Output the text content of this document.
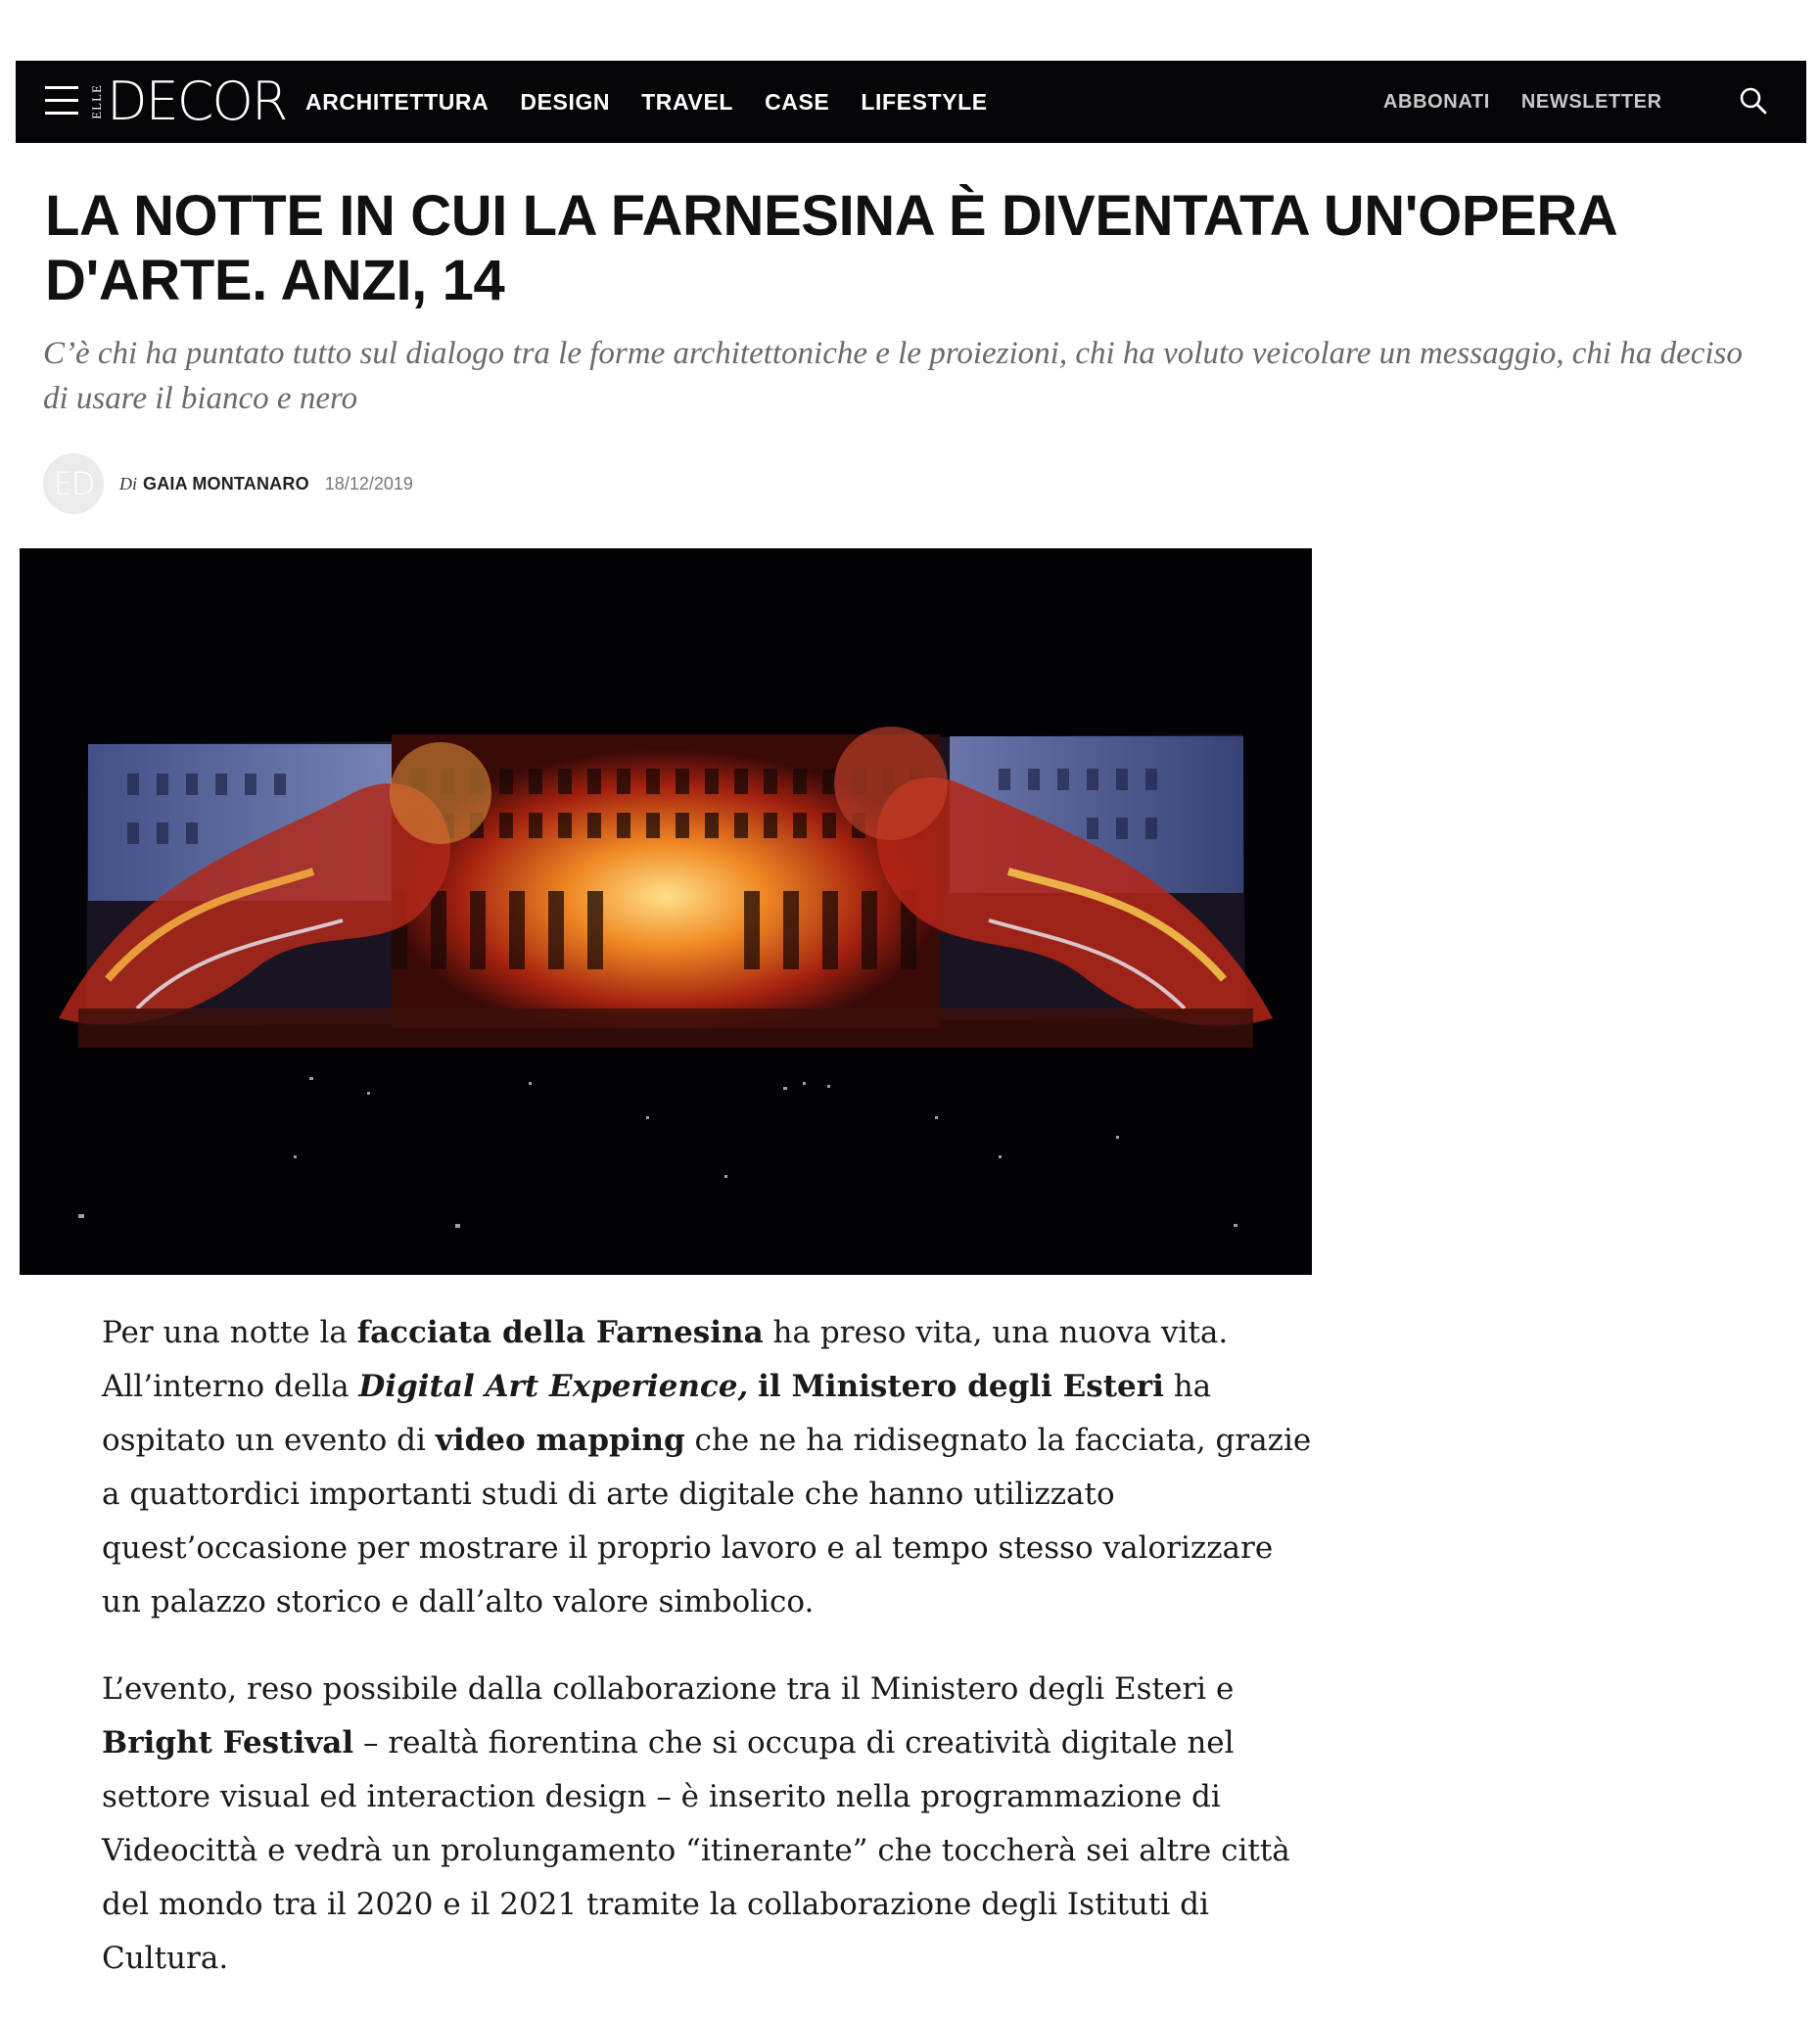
ELLE DECOR ARCHITETTURA DESIGN TRAVEL CASE LIFESTYLE	ABBONATI NEWSLETTER
LA NOTTE IN CUI LA FARNESINA È DIVENTATA UN'OPERA D'ARTE. ANZI, 14

C’è chi ha puntato tutto sul dialogo tra le forme architettoniche e le proiezioni, chi ha voluto veicolare un messaggio, chi ha deciso di usare il bianco e nero

ED	Di GAIA MONTANARO 18/12/2019

Per una notte la facciata della Farnesina ha preso vita, una nuova vita. All’interno della Digital Art Experience, il Ministero degli Esteri ha ospitato un evento di video mapping che ne ha ridisegnato la facciata, grazie a quattordici importanti studi di arte digitale che hanno utilizzato quest’occasione per mostrare il proprio lavoro e al tempo stesso valorizzare un palazzo storico e dall’alto valore simbolico.

L’evento, reso possibile dalla collaborazione tra il Ministero degli Esteri e Bright Festival – realtà fiorentina che si occupa di creatività digitale nel settore visual ed interaction design – è inserito nella programmazione di Videocittà e vedrà un prolungamento “itinerante” che toccherà sei altre città del mondo tra il 2020 e il 2021 tramite la collaborazione degli Istituti di Cultura.
